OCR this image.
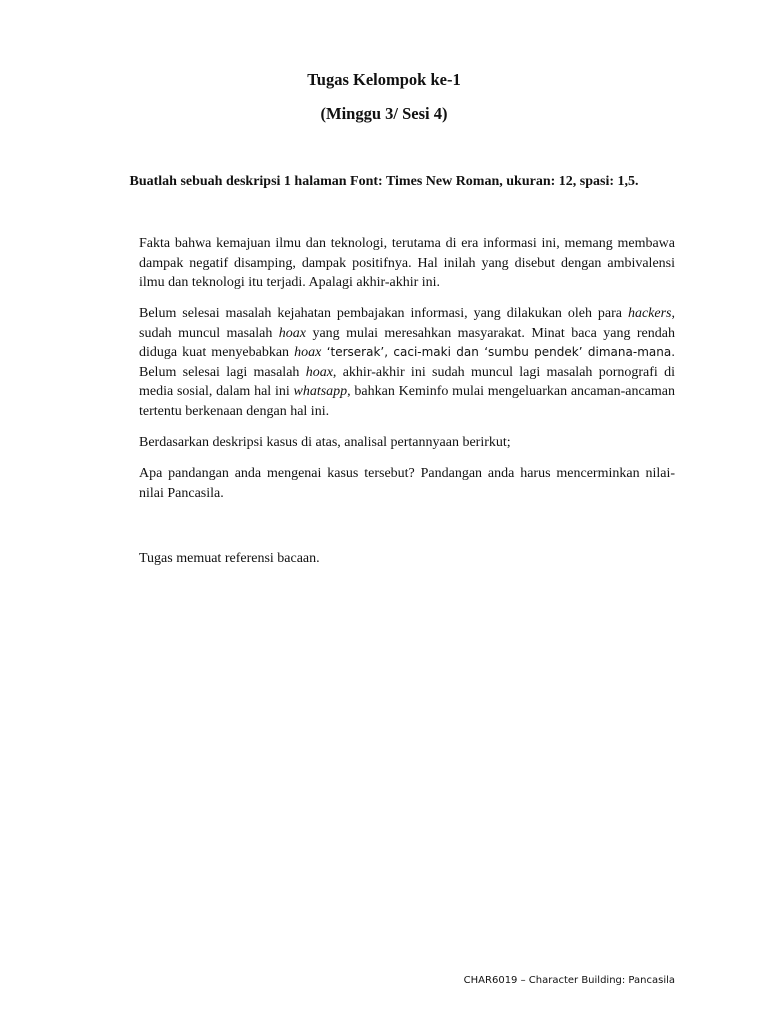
Tugas Kelompok ke-1
(Minggu 3/ Sesi 4)

Buatlah sebuah deskripsi 1 halaman Font: Times New Roman, ukuran: 12, spasi: 1,5.

Fakta bahwa kemajuan ilmu dan teknologi, terutama di era informasi ini, memang membawa dampak negatif disamping, dampak positifnya. Hal inilah yang disebut dengan ambivalensi ilmu dan teknologi itu terjadi. Apalagi akhir-akhir ini.

Belum selesai masalah kejahatan pembajakan informasi, yang dilakukan oleh para hackers, sudah muncul masalah hoax yang mulai meresahkan masyarakat. Minat baca yang rendah diduga kuat menyebabkan hoax ‘terserak’, caci-maki dan ‘sumbu pendek’ dimana-mana. Belum selesai lagi masalah hoax, akhir-akhir ini sudah muncul lagi masalah pornografi di media sosial, dalam hal ini whatsapp, bahkan Keminfo mulai mengeluarkan ancaman-ancaman tertentu berkenaan dengan hal ini.

Berdasarkan deskripsi kasus di atas, analisal pertannyaan berirkut;

Apa pandangan anda mengenai kasus tersebut? Pandangan anda harus mencerminkan nilai-nilai Pancasila.

Tugas memuat referensi bacaan.

CHAR6019 – Character Building: Pancasila
